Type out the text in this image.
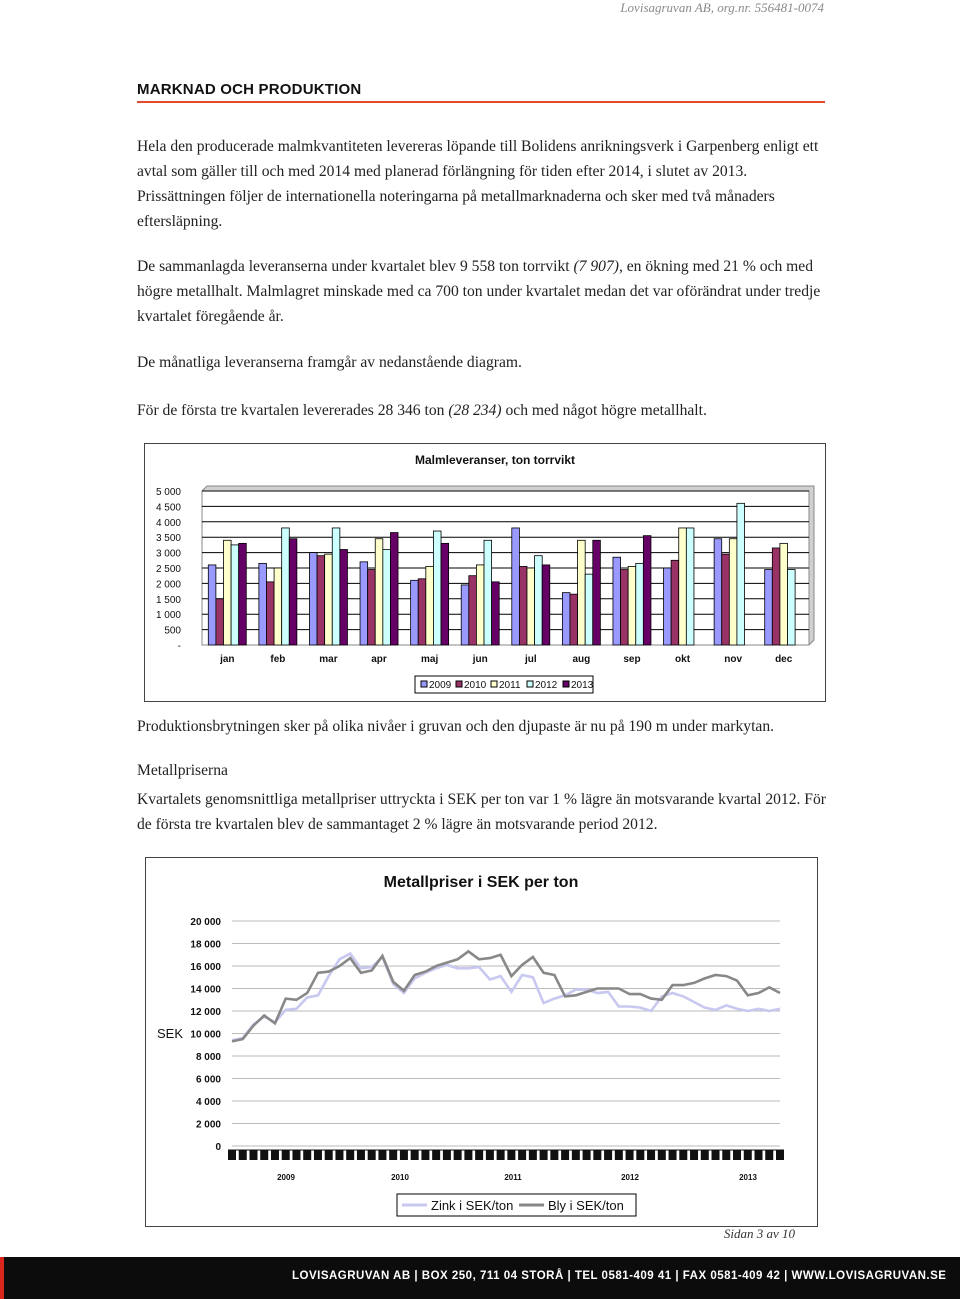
Lovisagruvan AB, org.nr. 556481-0074
MARKNAD OCH PRODUKTION

Hela den producerade malmkvantiteten levereras löpande till Bolidens anrikningsverk i Garpenberg enligt ett avtal som gäller till och med 2014 med planerad förlängning för tiden efter 2014, i slutet av 2013. Prissättningen följer de internationella noteringarna på metallmarknaderna och sker med två månaders eftersläpning.

De sammanlagda leveranserna under kvartalet blev 9 558 ton torrvikt (7 907), en ökning med 21 % och med högre metallhalt. Malmlagret minskade med ca 700 ton under kvartalet medan det var oförändrat under tredje kvartalet föregående år.

De månatliga leveranserna framgår av nedanstående diagram.

För de första tre kvartalen levererades 28 346 ton (28 234) och med något högre metallhalt.

Malmleveranser, ton torrvikt
5 000
4 500
4 000
3 500
3 000
2 500
2 000
1 500
1 000
500
-
jan	feb	mar	apr	maj	jun	jul	aug	sep	okt	nov	dec
2009 2010 2011 2012 2013

Produktionsbrytningen sker på olika nivåer i gruvan och den djupaste är nu på 190 m under markytan.

Metallpriserna

Kvartalets genomsnittliga metallpriser uttryckta i SEK per ton var 1 % lägre än motsvarande kvartal 2012. För de första tre kvartalen blev de sammantaget 2 % lägre än motsvarande period 2012.

Metallpriser i SEK per ton
20 000
18 000
16 000
14 000
12 000
10 000
8 000
6 000
4 000
2 000
0
2009	2010	2011	2012	2013
SEK
Zink i SEK/ton	Bly i SEK/ton
Sidan 3 av 10
LOVISAGRUVAN AB | BOX 250, 711 04 STORÅ | TEL 0581-409 41 | FAX 0581-409 42 | WWW.LOVISAGRUVAN.SE
